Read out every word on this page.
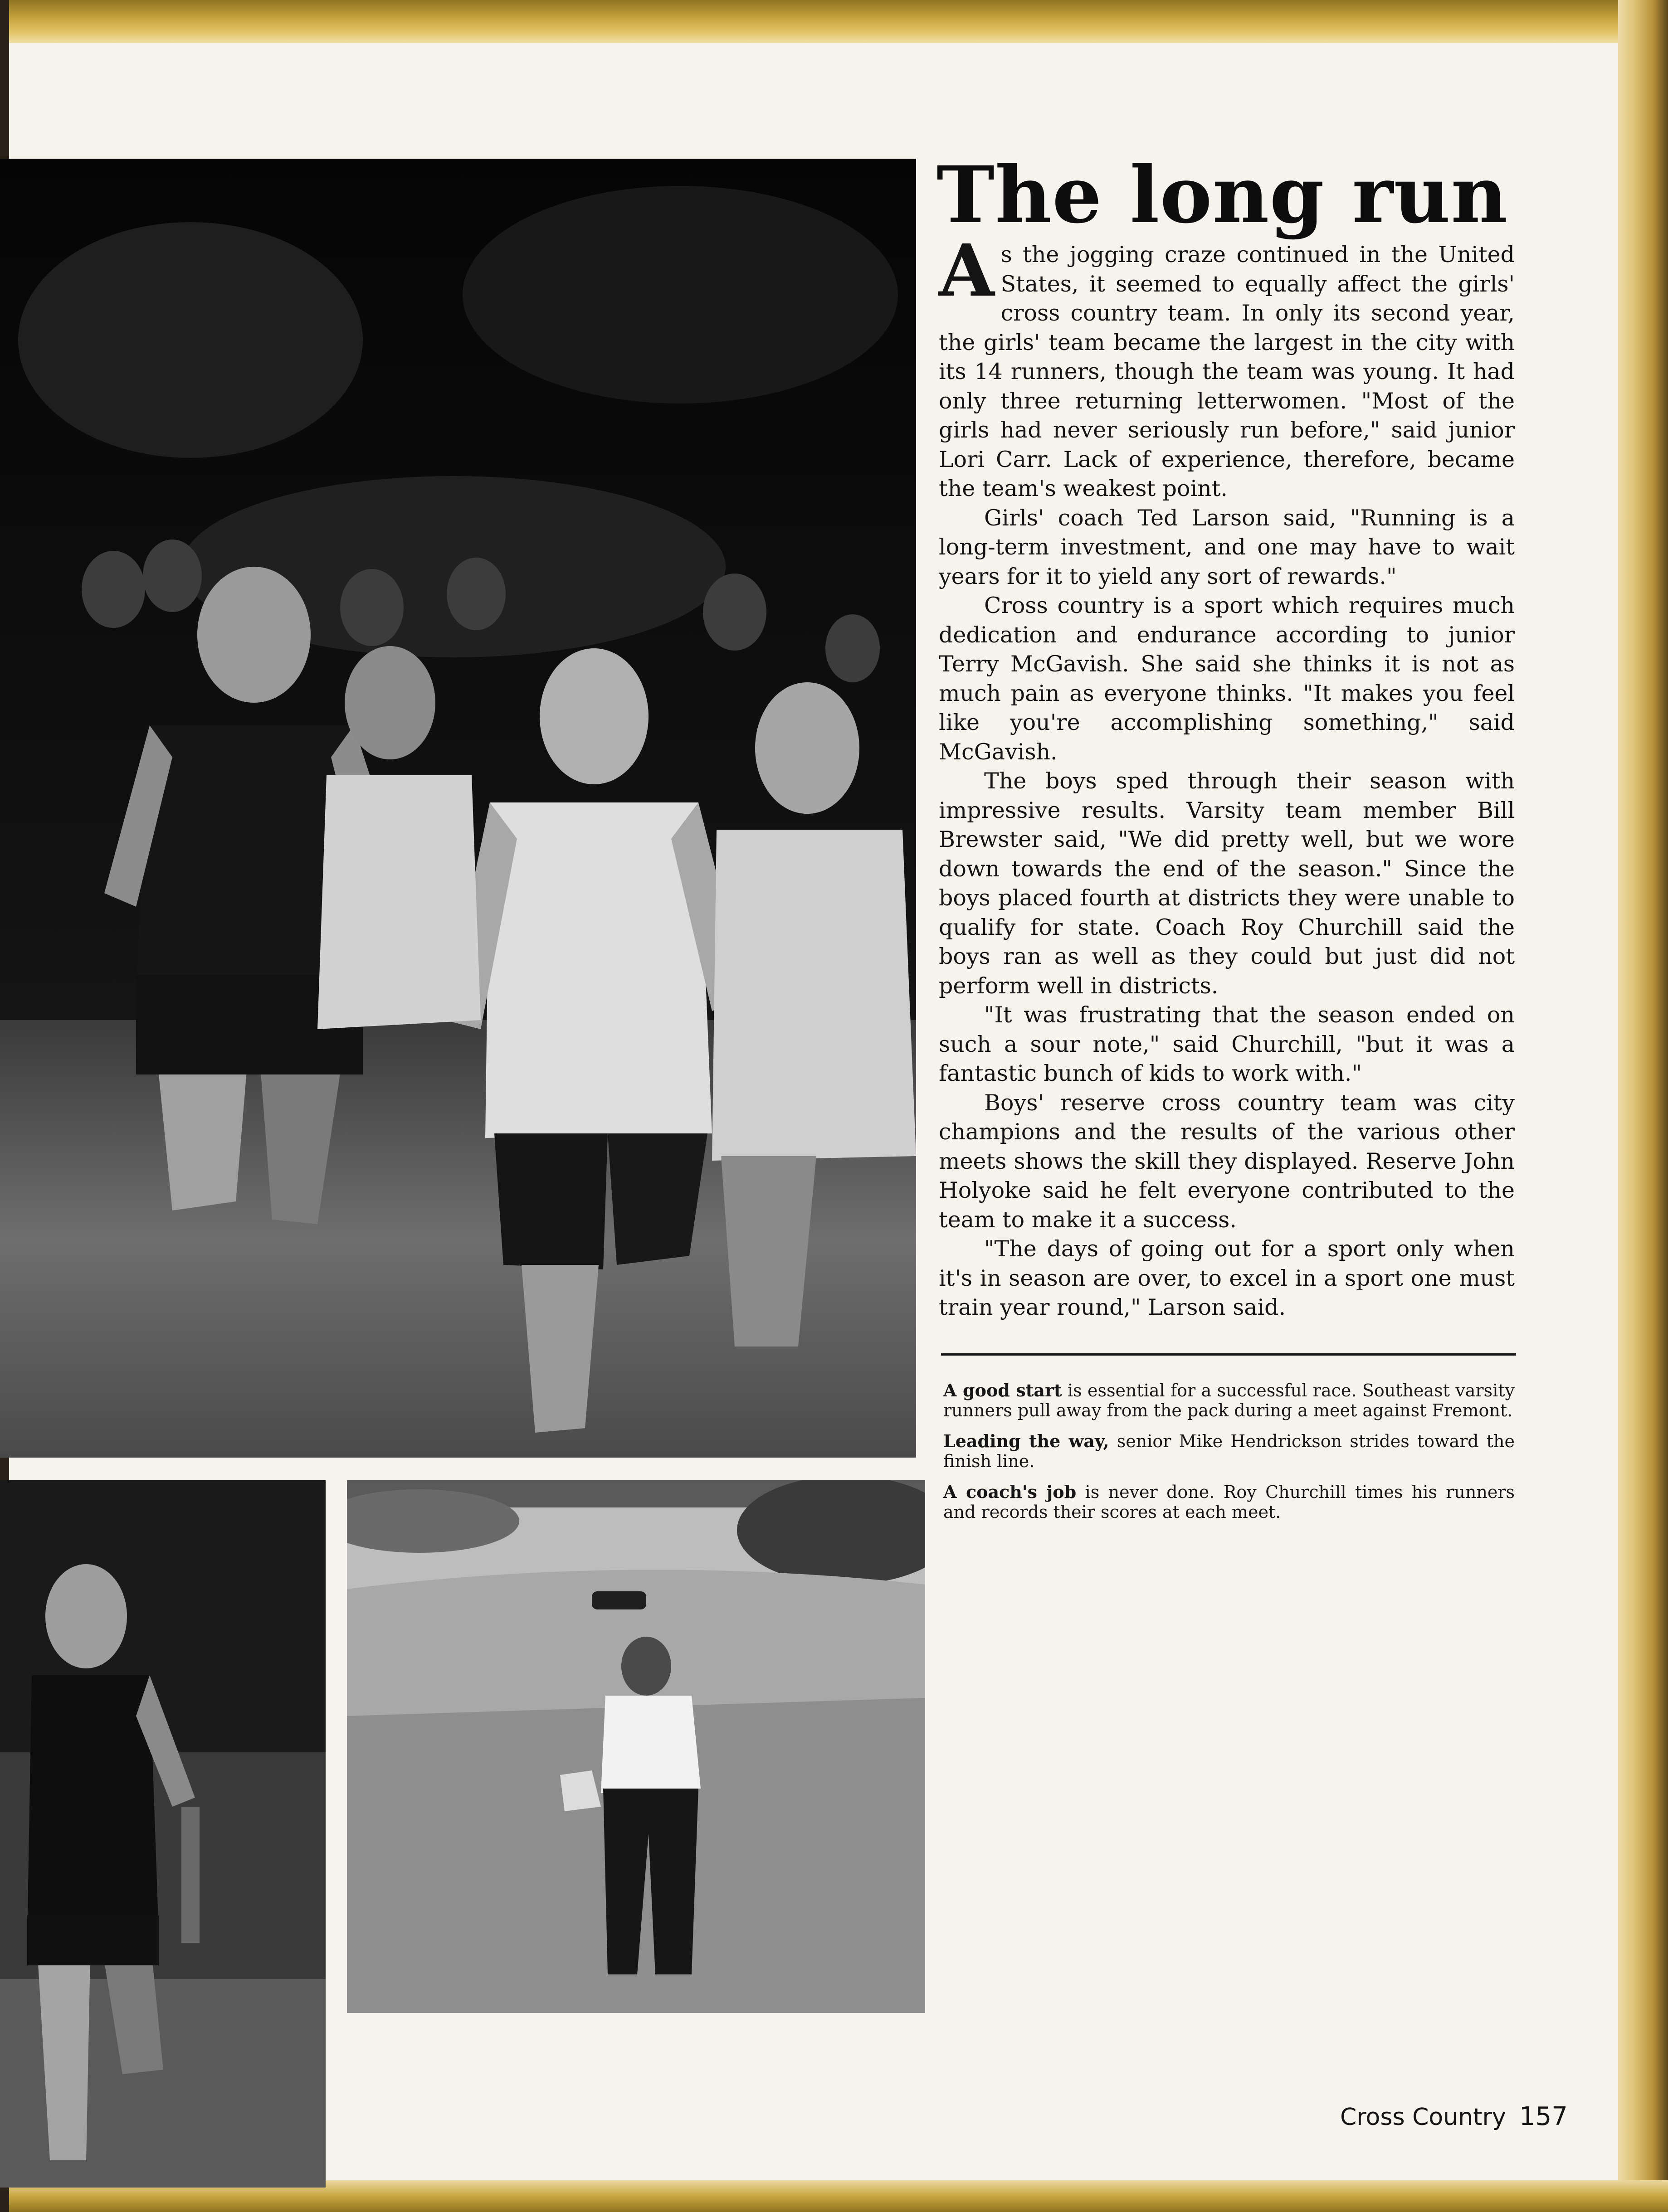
The long run

As the jogging craze continued in the United States, it seemed to equally affect the girls' cross country team. In only its second year, the girls' team became the largest in the city with its 14 runners, though the team was young. It had only three returning letterwomen. "Most of the girls had never seriously run before," said junior Lori Carr. Lack of experience, therefore, became the team's weakest point.

Girls' coach Ted Larson said, "Running is a long-term investment, and one may have to wait years for it to yield any sort of rewards."

Cross country is a sport which requires much dedication and endurance according to junior Terry McGavish. She said she thinks it is not as much pain as everyone thinks. "It makes you feel like you're accomplishing something," said McGavish.

The boys sped through their season with impressive results. Varsity team member Bill Brewster said, "We did pretty well, but we wore down towards the end of the season." Since the boys placed fourth at districts they were unable to qualify for state. Coach Roy Churchill said the boys ran as well as they could but just did not perform well in districts.

"It was frustrating that the season ended on such a sour note," said Churchill, "but it was a fantastic bunch of kids to work with."

Boys' reserve cross country team was city champions and the results of the various other meets shows the skill they displayed. Reserve John Holyoke said he felt everyone contributed to the team to make it a success.

"The days of going out for a sport only when it's in season are over, to excel in a sport one must train year round," Larson said.

A good start is essential for a successful race. Southeast varsity runners pull away from the pack during a meet against Fremont.

Leading the way, senior Mike Hendrickson strides toward the finish line.

A coach's job is never done. Roy Churchill times his runners and records their scores at each meet.

Cross Country 157
